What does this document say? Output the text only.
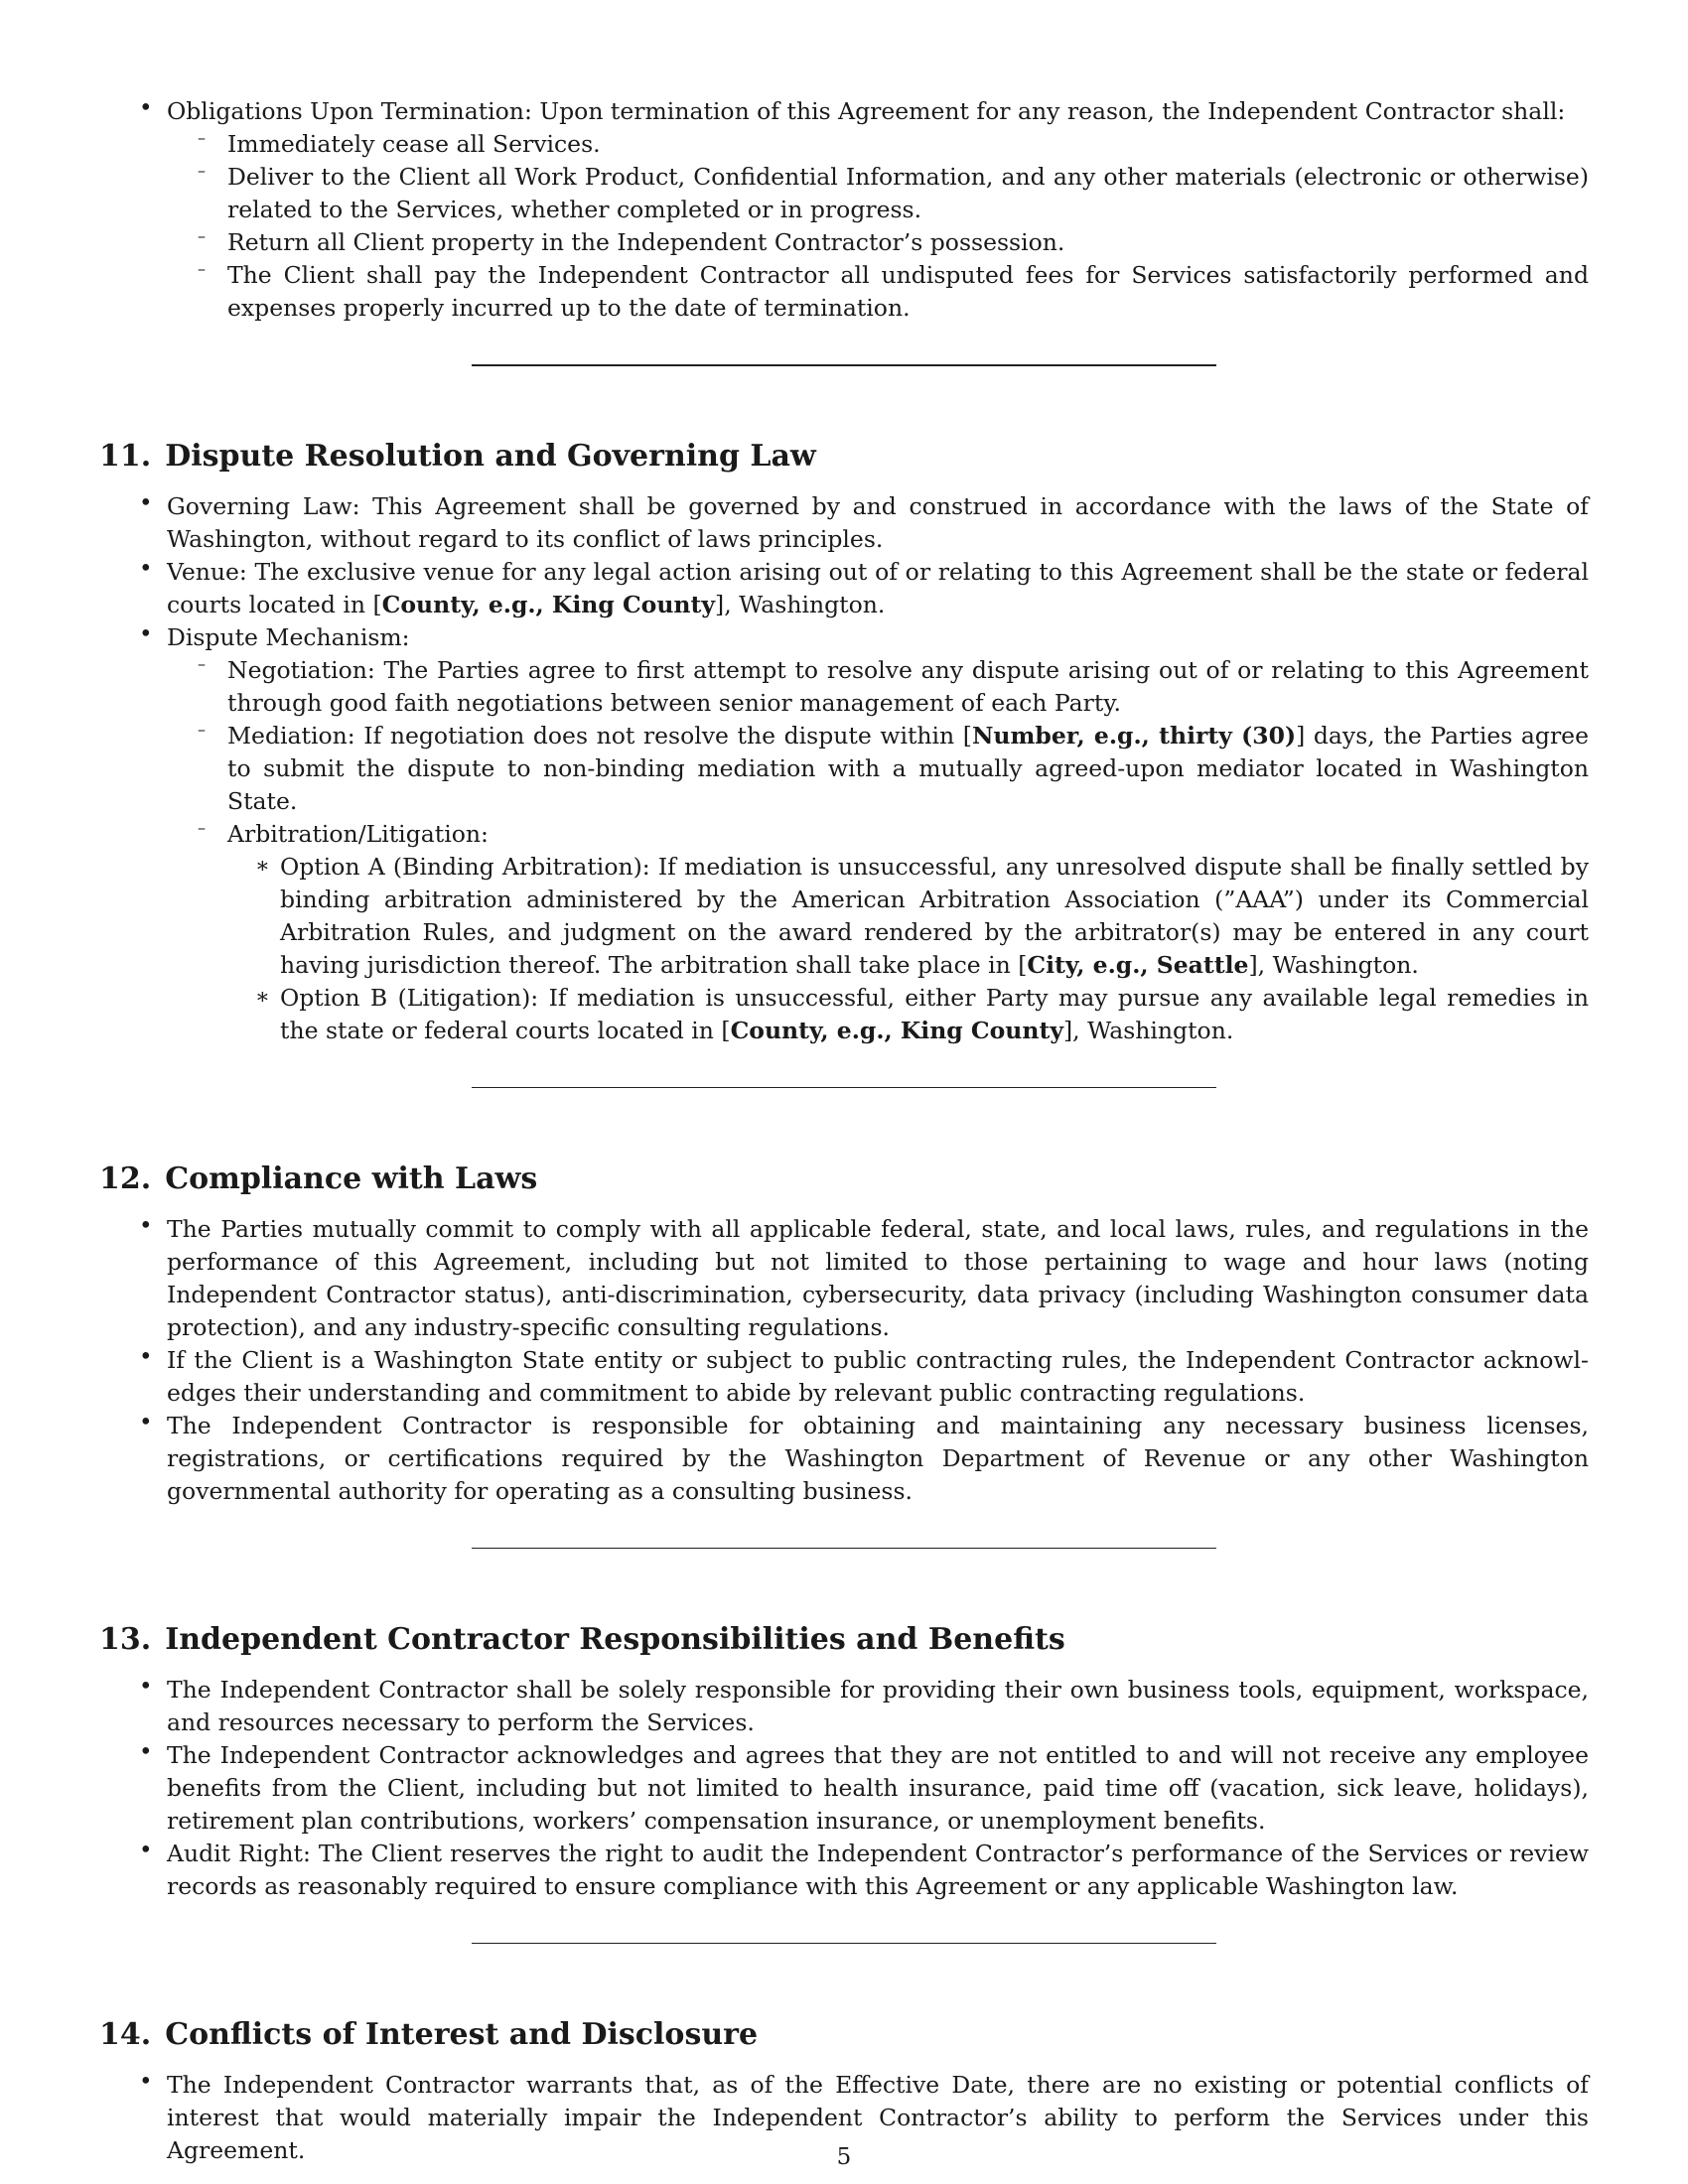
• Obligations Upon Termination: Upon termination of this Agreement for any reason, the Independent Contractor shall:

– Immediately cease all Services.

– Deliver to the Client all Work Product, Confidential Information, and any other materials (electronic or otherwise) related to the Services, whether completed or in progress.

– Return all Client property in the Independent Contractor’s possession.

– The Client shall pay the Independent Contractor all undisputed fees for Services satisfactorily performed and expenses properly incurred up to the date of termination.

11. Dispute Resolution and Governing Law
• Governing Law: This Agreement shall be governed by and construed in accordance with the laws of the State of Washington, without regard to its conflict of laws principles.

• Venue: The exclusive venue for any legal action arising out of or relating to this Agreement shall be the state or federal courts located in [County, e.g., King County], Washington.

• Dispute Mechanism:

– Negotiation: The Parties agree to first attempt to resolve any dispute arising out of or relating to this Agreement through good faith negotiations between senior management of each Party.

– Mediation: If negotiation does not resolve the dispute within [Number, e.g., thirty (30)] days, the Parties agree to submit the dispute to non-binding mediation with a mutually agreed-upon mediator located in Washington State.

– Arbitration/Litigation:

∗ Option A (Binding Arbitration): If mediation is unsuccessful, any unresolved dispute shall be finally settled by binding arbitration administered by the American Arbitration Association (”AAA”) under its Commercial Arbitration Rules, and judgment on the award rendered by the arbitrator(s) may be entered in any court having jurisdiction thereof. The arbitration shall take place in [City, e.g., Seattle], Washington.

∗ Option B (Litigation): If mediation is unsuccessful, either Party may pursue any available legal remedies in the state or federal courts located in [County, e.g., King County], Washington.

12. Compliance with Laws
• The Parties mutually commit to comply with all applicable federal, state, and local laws, rules, and regulations in the performance of this Agreement, including but not limited to those pertaining to wage and hour laws (noting Independent Contractor status), anti-discrimination, cybersecurity, data privacy (including Washington consumer data protection), and any industry-specific consulting regulations.

• If the Client is a Washington State entity or subject to public contracting rules, the Independent Contractor acknowledges their understanding and commitment to abide by relevant public contracting regulations.

• The Independent Contractor is responsible for obtaining and maintaining any necessary business licenses, registrations, or certifications required by the Washington Department of Revenue or any other Washington governmental authority for operating as a consulting business.

13. Independent Contractor Responsibilities and Benefits
• The Independent Contractor shall be solely responsible for providing their own business tools, equipment, workspace, and resources necessary to perform the Services.

• The Independent Contractor acknowledges and agrees that they are not entitled to and will not receive any employee benefits from the Client, including but not limited to health insurance, paid time off (vacation, sick leave, holidays), retirement plan contributions, workers’ compensation insurance, or unemployment benefits.

• Audit Right: The Client reserves the right to audit the Independent Contractor’s performance of the Services or review records as reasonably required to ensure compliance with this Agreement or any applicable Washington law.

14. Conflicts of Interest and Disclosure
• The Independent Contractor warrants that, as of the Effective Date, there are no existing or potential conflicts of interest that would materially impair the Independent Contractor’s ability to perform the Services under this Agreement.	5
